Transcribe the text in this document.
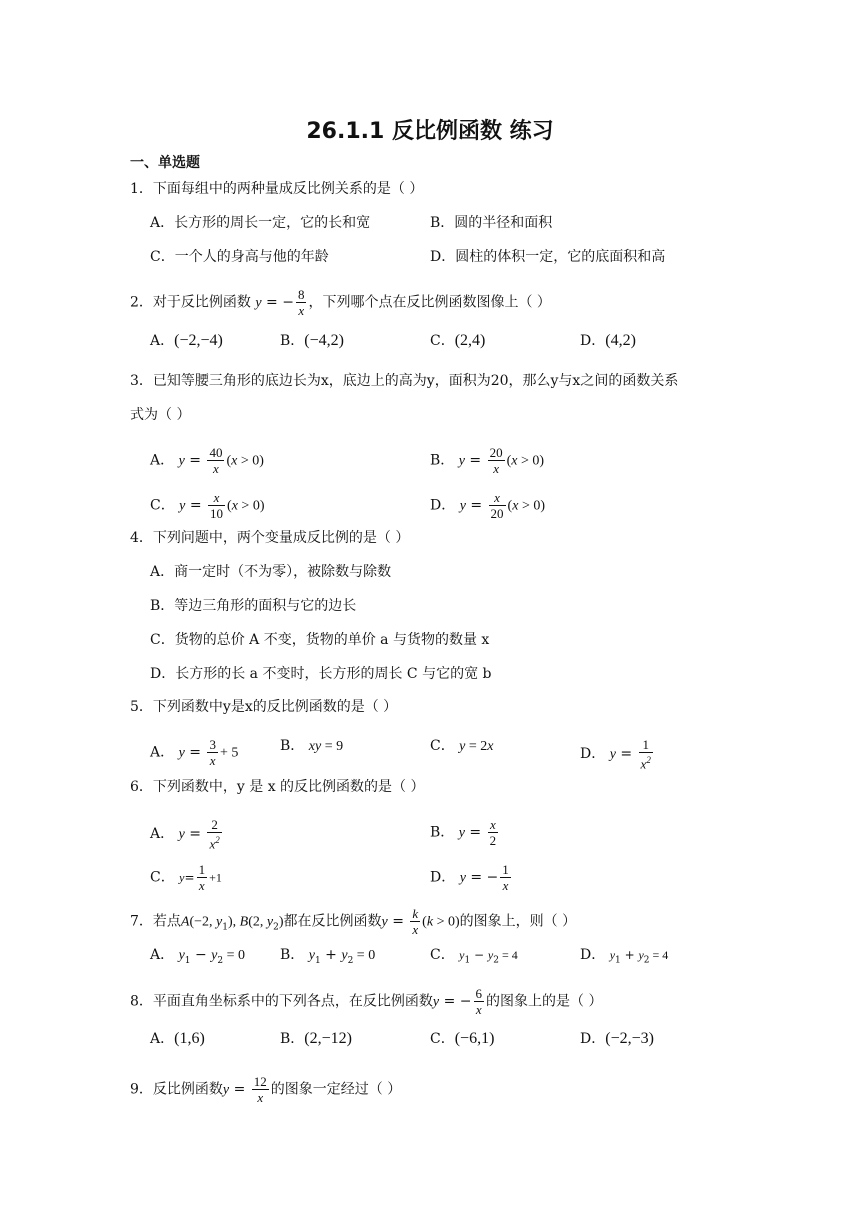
26.1.1 反比例函数 练习
一、单选题
1．下面每组中的两种量成反比例关系的是（ ）
A．长方形的周长一定，它的长和宽	B．圆的半径和面积
C．一个人的身高与他的年龄	D．圆柱的体积一定，它的底面积和高
2．对于反比例函数 y = − $\frac{8}{x}$ ，下列哪个点在反比例函数图像上（ ）
A．(−2,−4)	B．(−4,2)	C．(2,4)	D．(4,2)
3．已知等腰三角形的底边长为x，底边上的高为y，面积为20，那么y与x之间的函数关系
式为（ ）
A． $y = \frac{40}{x} (x > 0)$	B． $y = \frac{20}{x} (x > 0)$
C． $y = \frac{x}{10} (x > 0)$	D． $y = \frac{x}{20} (x > 0)$
4．下列问题中，两个变量成反比例的是（ ）
A．商一定时（不为零），被除数与除数
B．等边三角形的面积与它的边长
C．货物的总价 A 不变，货物的单价 a 与货物的数量 x
D．长方形的长 a 不变时，长方形的周长 C 与它的宽 b
5．下列函数中y是x的反比例函数的是（ ）
A． $y = \frac{3}{x} + 5$	B． xy = 9	C． y = 2x	D． $y = \frac{1}{x^2}$
6．下列函数中，y 是 x 的反比例函数的是（ ）
A． $y = \frac{2}{x^2}$	B． $y = \frac{x}{2}$
C． $y= \frac{1}{x} +1$	D． y = − $\frac{1}{x}$
7．若点A(−2, $y_1$), B(2, $y_2$)都在反比例函数$y = \frac{k}{x} (k > 0)$的图象上，则（ ）
A． $y_1 - y_2 = 0$ B． $y_1 + y_2 = 0$	C． $y_1 - y_2 = 4$	D． $y_1 + y_2 = 4$
8．平面直角坐标系中的下列各点，在反比例函数y = − $\frac{6}{x}$ 的图象上的是（ ）
A．(1,6)	B．(2,−12)	C．(−6,1)	D．(−2,−3)
9．反比例函数$y = \frac{12}{x}$ 的图象一定经过（ ）
